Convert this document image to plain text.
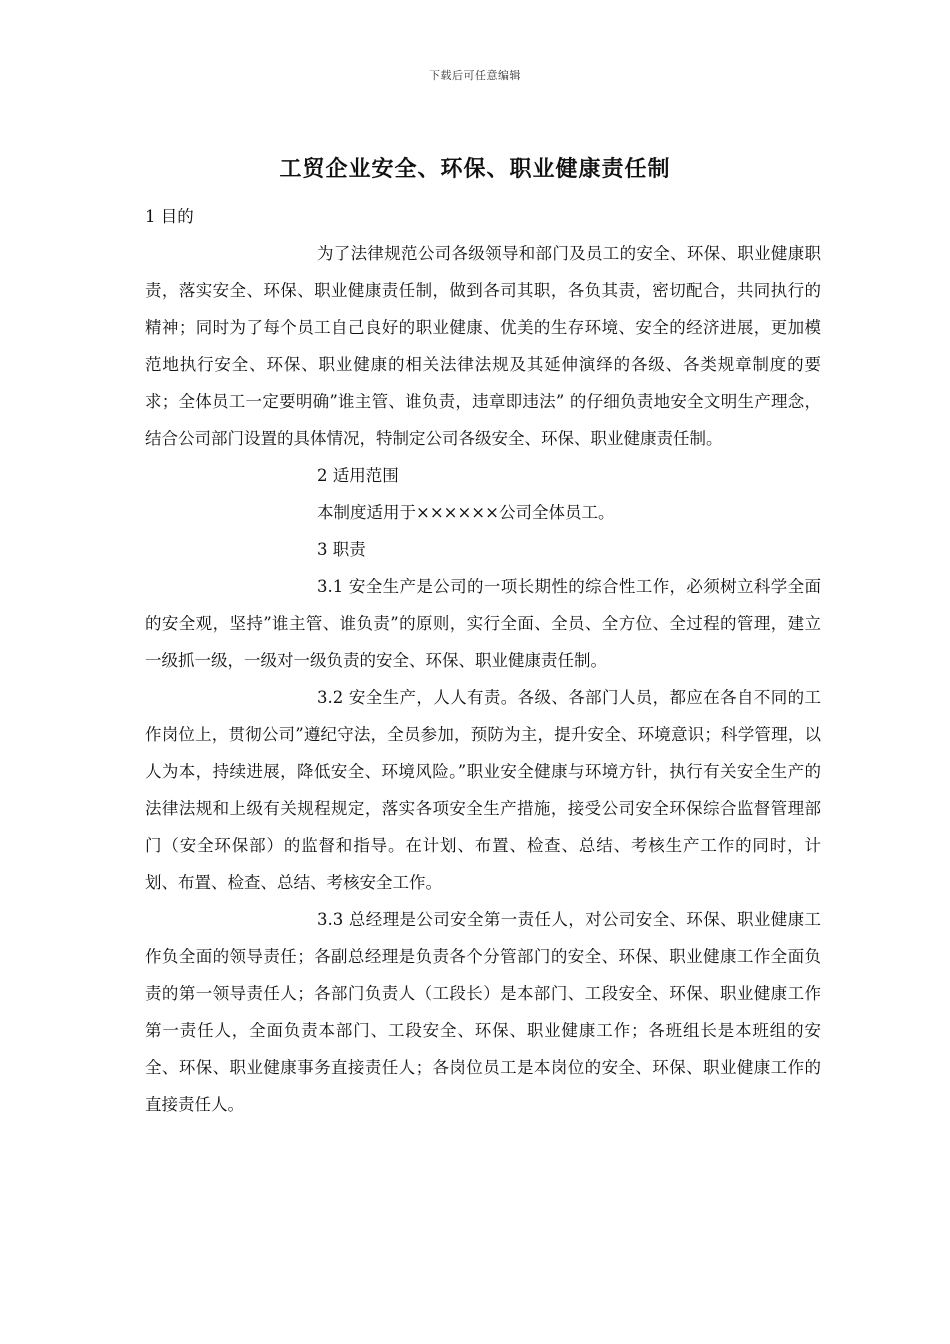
下载后可任意编辑
工贸企业安全、环保、职业健康责任制

1 目的

为了法律规范公司各级领导和部门及员工的安全、环保、职业健康职责，落实安全、环保、职业健康责任制，做到各司其职，各负其责，密切配合，共同执行的精神；同时为了每个员工自己良好的职业健康、优美的生存环境、安全的经济进展，更加模范地执行安全、环保、职业健康的相关法律法规及其延伸演绎的各级、各类规章制度的要求；全体员工一定要明确”谁主管、谁负责，违章即违法” 的仔细负责地安全文明生产理念，结合公司部门设置的具体情况，特制定公司各级安全、环保、职业健康责任制。

2 适用范围

本制度适用于××××××公司全体员工。

3 职责

3.1 安全生产是公司的一项长期性的综合性工作，必须树立科学全面的安全观，坚持”谁主管、谁负责”的原则，实行全面、全员、全方位、全过程的管理，建立一级抓一级，一级对一级负责的安全、环保、职业健康责任制。

3.2 安全生产，人人有责。各级、各部门人员，都应在各自不同的工作岗位上，贯彻公司”遵纪守法，全员参加，预防为主，提升安全、环境意识；科学管理，以人为本，持续进展，降低安全、环境风险。”职业安全健康与环境方针，执行有关安全生产的法律法规和上级有关规程规定，落实各项安全生产措施，接受公司安全环保综合监督管理部门（安全环保部）的监督和指导。在计划、布置、检查、总结、考核生产工作的同时，计划、布置、检查、总结、考核安全工作。

3.3 总经理是公司安全第一责任人，对公司安全、环保、职业健康工作负全面的领导责任；各副总经理是负责各个分管部门的安全、环保、职业健康工作全面负责的第一领导责任人；各部门负责人（工段长）是本部门、工段安全、环保、职业健康工作第一责任人，全面负责本部门、工段安全、环保、职业健康工作；各班组长是本班组的安全、环保、职业健康事务直接责任人；各岗位员工是本岗位的安全、环保、职业健康工作的直接责任人。
